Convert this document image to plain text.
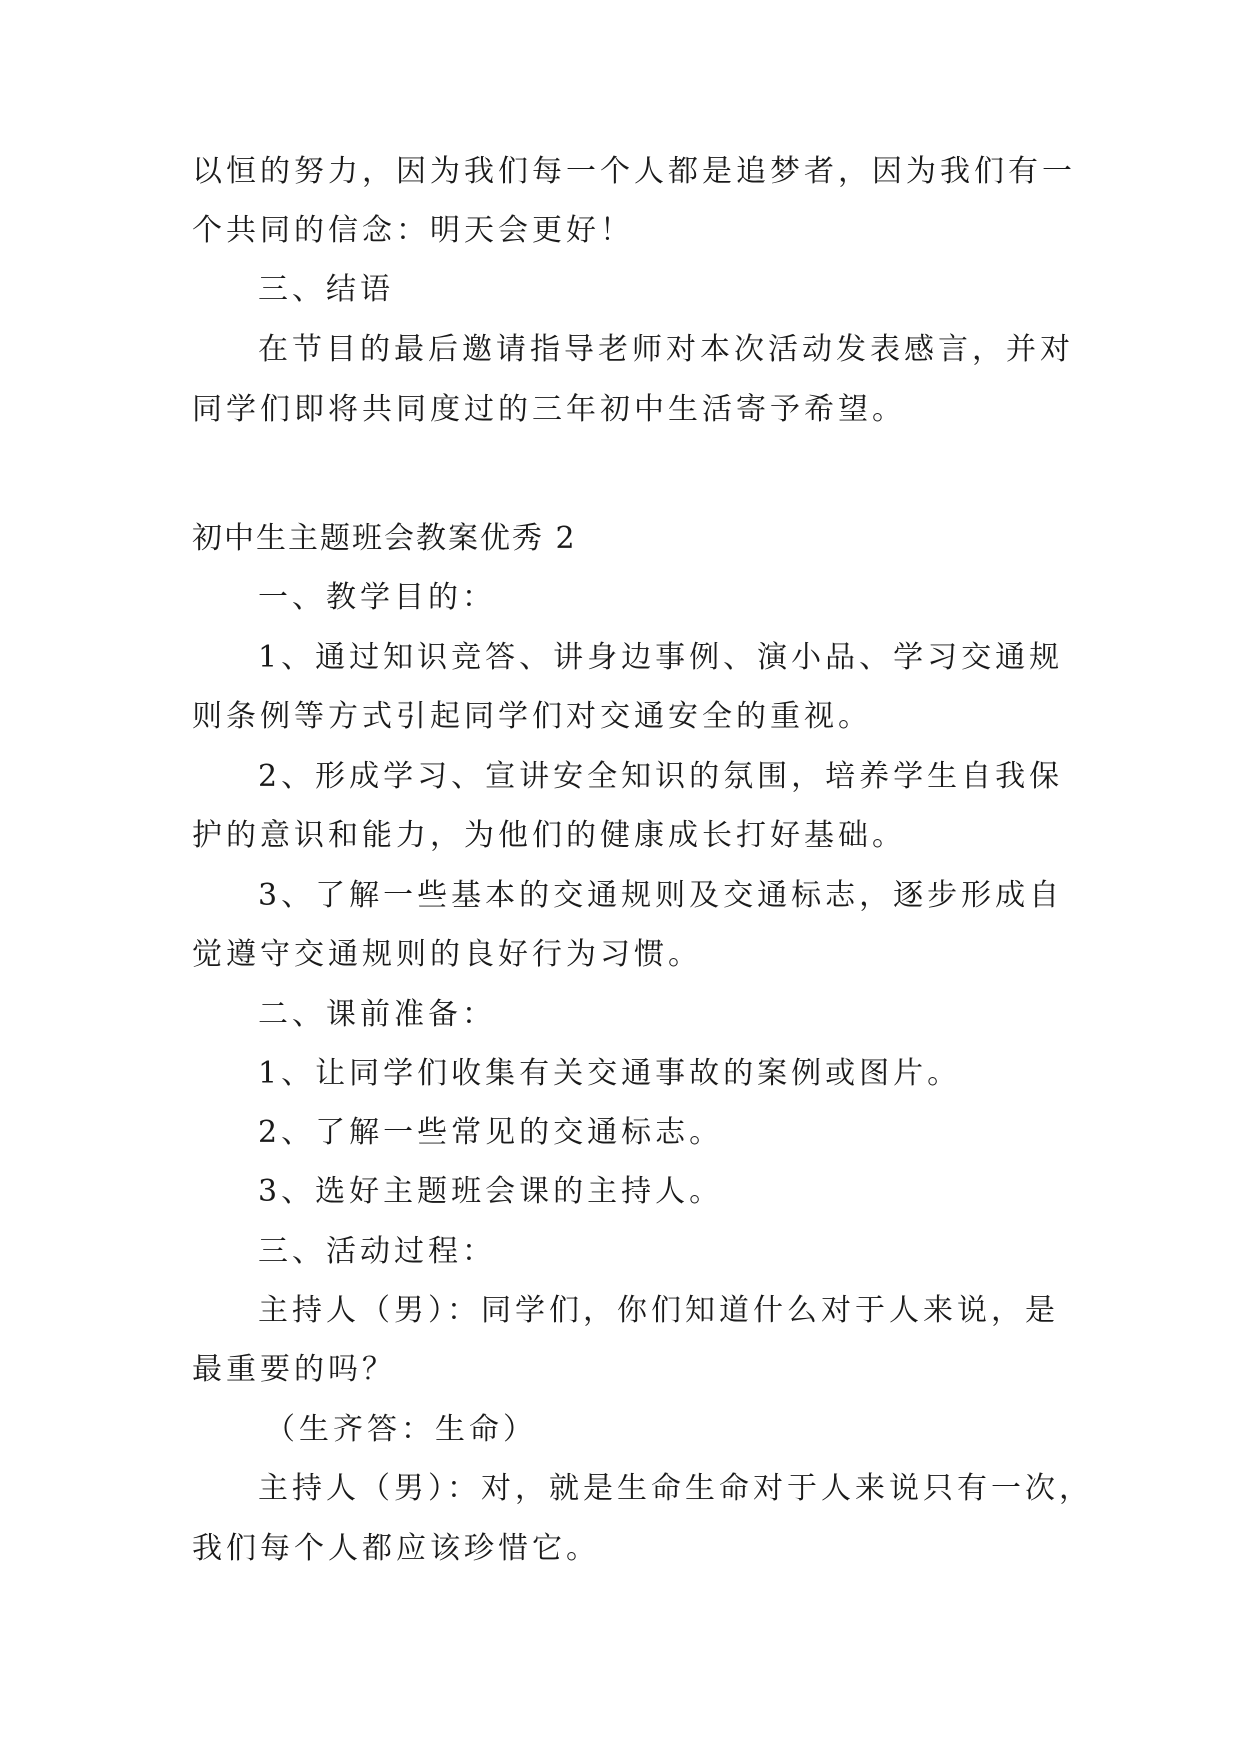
以恒的努力，因为我们每一个人都是追梦者，因为我们有一
个共同的信念：明天会更好！
三、结语
在节目的最后邀请指导老师对本次活动发表感言，并对
同学们即将共同度过的三年初中生活寄予希望。
初中生主题班会教案优秀 2
一、教学目的：
1、通过知识竞答、讲身边事例、演小品、学习交通规
则条例等方式引起同学们对交通安全的重视。
2、形成学习、宣讲安全知识的氛围，培养学生自我保
护的意识和能力，为他们的健康成长打好基础。
3、了解一些基本的交通规则及交通标志，逐步形成自
觉遵守交通规则的良好行为习惯。
二、课前准备：
1、让同学们收集有关交通事故的案例或图片。
2、了解一些常见的交通标志。
3、选好主题班会课的主持人。
三、活动过程：
主持人（男）：同学们，你们知道什么对于人来说，是
最重要的吗？
（生齐答：生命）
主持人（男）：对，就是生命生命对于人来说只有一次，
我们每个人都应该珍惜它。
